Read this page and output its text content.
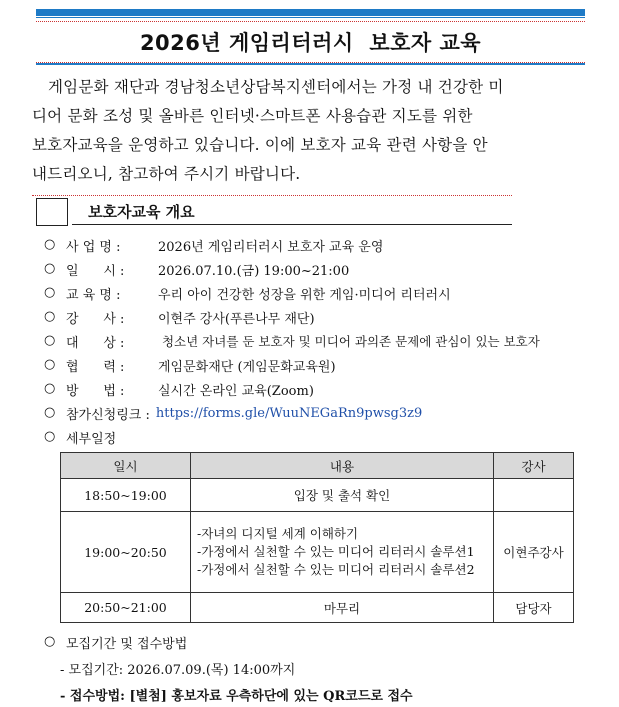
2026년 게임리터러시  보호자 교육
게임문화 재단과 경남청소년상담복지센터에서는 가정 내 건강한 미
디어 문화 조성 및 올바른 인터넷·스마트폰 사용습관 지도를 위한
보호자교육을 운영하고 있습니다. 이에 보호자 교육 관련 사항을 안
내드리오니, 참고하여 주시기 바랍니다.
보호자교육 개요
○ 사 업 명 :	2026년 게임리터러시 보호자 교육 운영
○ 일      시 :	2026.07.10.(금) 19:00~21:00
○ 교 육 명 :	우리 아이 건강한 성장을 위한 게임·미디어 리터러시
○ 강      사 :	이현주 강사(푸른나무 재단)
○ 대      상 :	청소년 자녀를 둔 보호자 및 미디어 과의존 문제에 관심이 있는 보호자
○ 협      력 :	게임문화재단 (게임문화교육원)
○ 방      법 :	실시간 온라인 교육(Zoom)
○ 참가신청링크 : https://forms.gle/WuuNEGaRn9pwsg3z9
○ 세부일정
일시	내용	강사
18:50~19:00	입장 및 출석 확인	
19:00~20:50	-자녀의 디지털 세계 이해하기
-가정에서 실천할 수 있는 미디어 리터러시 솔루션1
-가정에서 실천할 수 있는 미디어 리터러시 솔루션2	이현주강사
20:50~21:00	마무리	담당자
○ 모집기간 및 접수방법
- 모집기간: 2026.07.09.(목) 14:00까지
- 접수방법: [별첨] 홍보자료 우측하단에 있는 QR코드로 접수
